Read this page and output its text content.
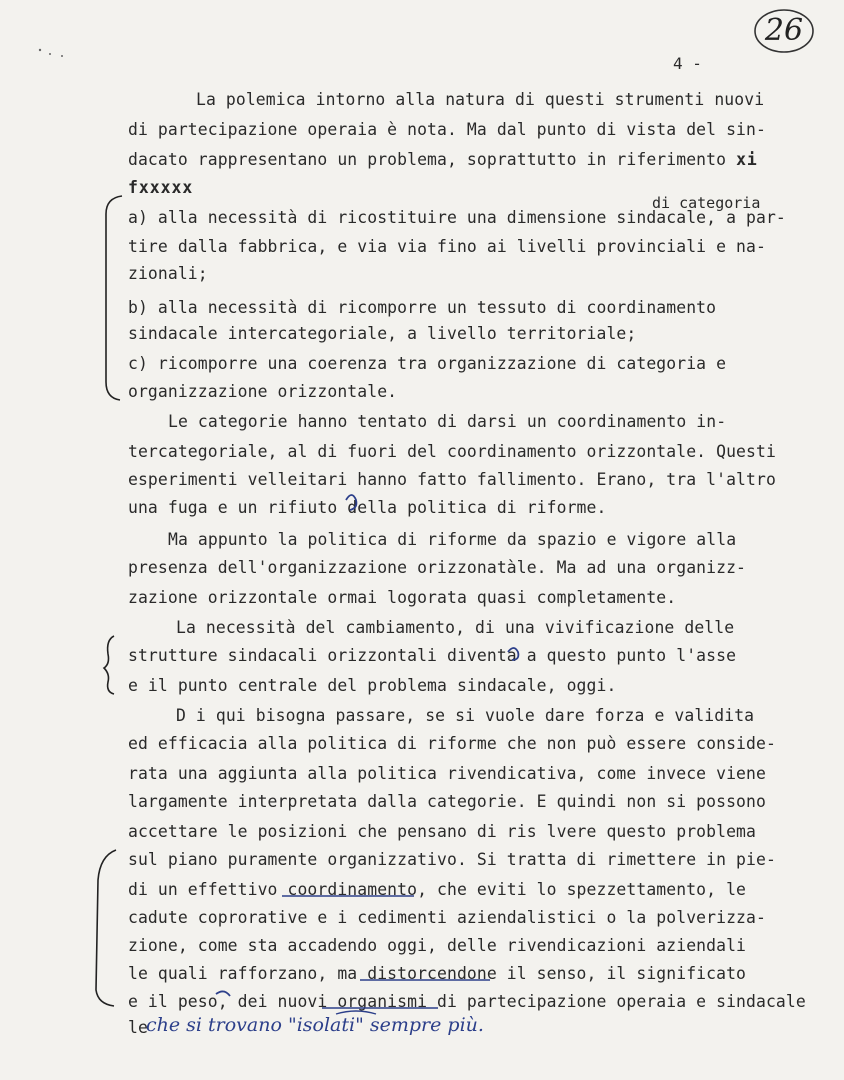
26
4 -
La polemica intorno alla natura di questi strumenti nuovi
di partecipazione operaia è nota. Ma dal punto di vista del sin-
dacato rappresentano un problema, soprattutto in riferimento xi
fxxxxx
di categoria
a) alla necessità di ricostituire una dimensione sindacale, a par-
tire dalla fabbrica, e via via fino ai livelli provinciali e na-
zionali;
b) alla necessità di ricomporre un tessuto di coordinamento
sindacale intercategoriale, a livello territoriale;
c) ricomporre una coerenza tra organizzazione di categoria e
organizzazione orizzontale.
Le categorie hanno tentato di darsi un coordinamento in-
tercategoriale, al di fuori del coordinamento orizzontale. Questi
esperimenti velleitari hanno fatto fallimento. Erano, tra l'altro
una fuga e un rifiuto della politica di riforme.
Ma appunto la politica di riforme da spazio e vigore alla
presenza dell'organizzazione orizzonatàle. Ma ad una organizz-
zazione orizzontale ormai logorata quasi completamente.
La necessità del cambiamento, di una vivificazione delle
strutture sindacali orizzontali diventa a questo punto l'asse
e il punto centrale del problema sindacale, oggi.
D i qui bisogna passare, se si vuole dare forza e validita
ed efficacia alla politica di riforme che non può essere conside-
rata una aggiunta alla politica rivendicativa, come invece viene
largamente interpretata dalla categorie. E quindi non si possono
accettare le posizioni che pensano di ris lvere questo problema
sul piano puramente organizzativo. Si tratta di rimettere in pie-
di un effettivo coordinamento, che eviti lo spezzettamento, le
cadute coprorative e i cedimenti aziendalistici o la polverizza-
zione, come sta accadendo oggi, delle rivendicazioni aziendali
le quali rafforzano, ma distorcendone il senso, il significato
e il peso, dei nuovi organismi di partecipazione operaia e sindacale
le
che si trovano "isolati" sempre più.
